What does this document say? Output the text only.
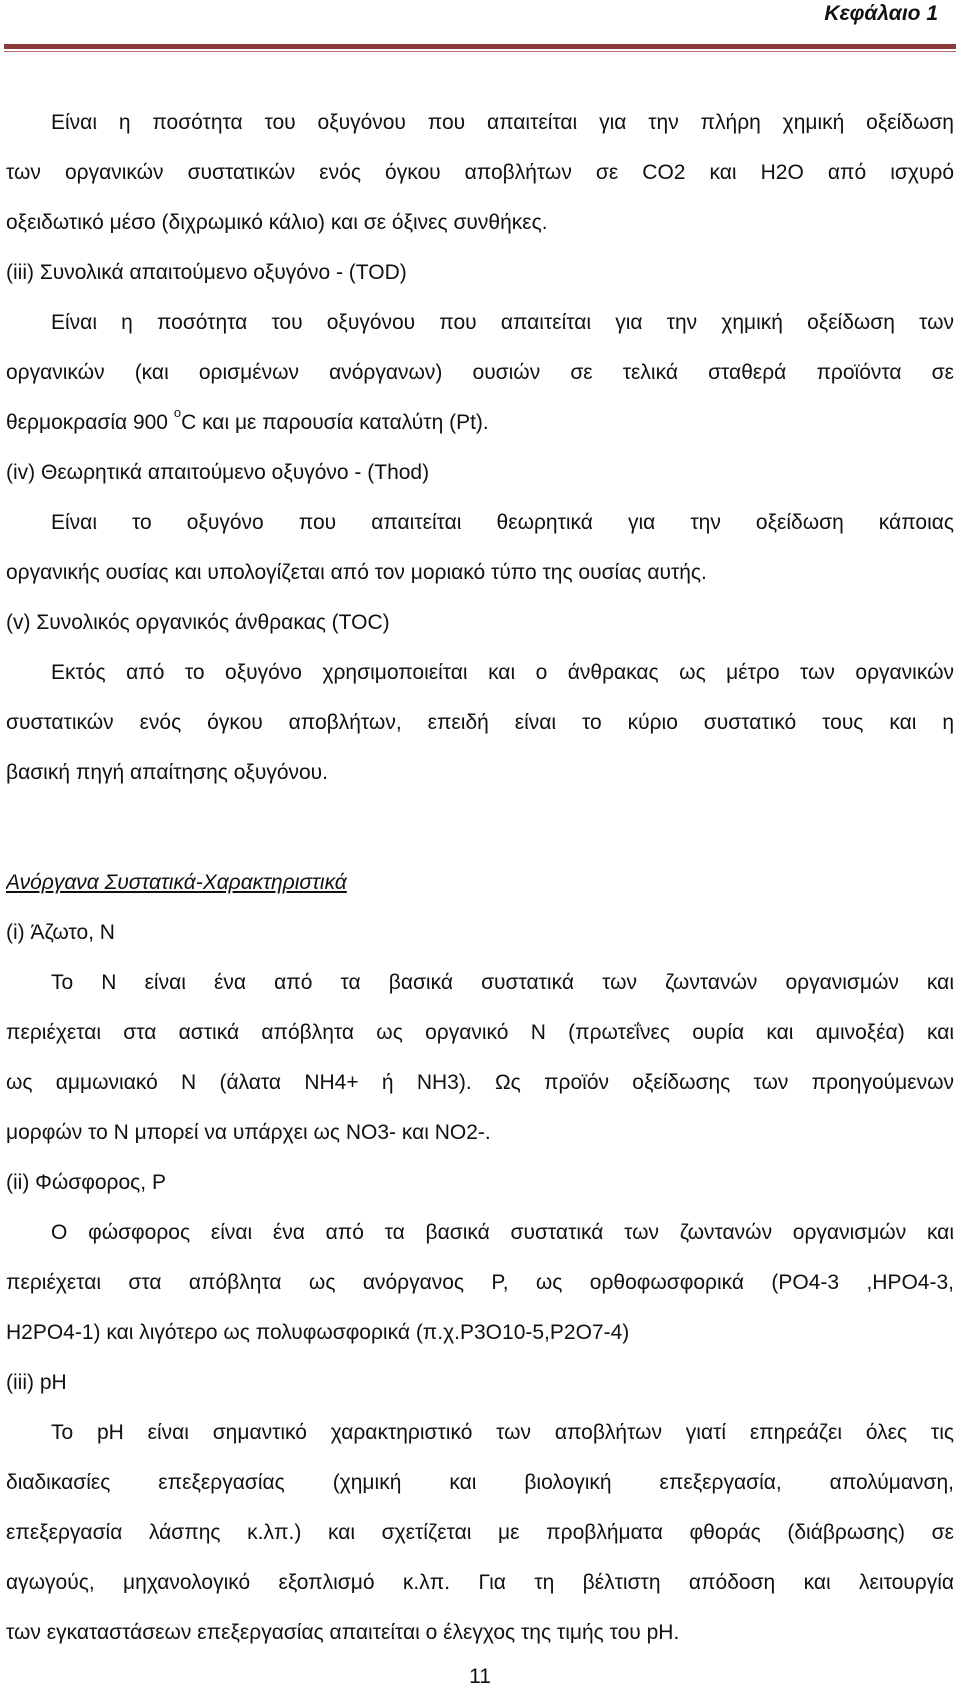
Κεφάλαιο 1
Είναι η ποσότητα του οξυγόνου που απαιτείται για την πλήρη χημική οξείδωση
των οργανικών συστατικών ενός όγκου αποβλήτων σε CO2 και H2O από ισχυρό
οξειδωτικό μέσο (διχρωμικό κάλιο) και σε όξινες συνθήκες.
(iii) Συνολικά απαιτούμενο οξυγόνο - (TOD)
Είναι η ποσότητα του οξυγόνου που απαιτείται για την χημική οξείδωση των
οργανικών (και ορισμένων ανόργανων) ουσιών σε τελικά σταθερά προϊόντα σε
θερμοκρασία 900 $^o$C και με παρουσία καταλύτη (Pt).
(iv) Θεωρητικά απαιτούμενο οξυγόνο - (Thod)
Είναι το οξυγόνο που απαιτείται θεωρητικά για την οξείδωση κάποιας
οργανικής ουσίας και υπολογίζεται από τον μοριακό τύπο της ουσίας αυτής.
(v) Συνολικός οργανικός άνθρακας (TOC)
Εκτός από το οξυγόνο χρησιμοποιείται και ο άνθρακας ως μέτρο των οργανικών
συστατικών ενός όγκου αποβλήτων, επειδή είναι το κύριο συστατικό τους και η
βασική πηγή απαίτησης οξυγόνου.
Ανόργανα Συστατικά-Χαρακτηριστικά
(i) Άζωτο, N
Το N είναι ένα από τα βασικά συστατικά των ζωντανών οργανισμών και
περιέχεται στα αστικά απόβλητα ως οργανικό N (πρωτεΐνες ουρία και αμινοξέα) και
ως αμμωνιακό N (άλατα NH4+ ή NH3). Ως προϊόν οξείδωσης των προηγούμενων
μορφών το N μπορεί να υπάρχει ως NO3- και NO2-.
(ii) Φώσφορος, P
Ο φώσφορος είναι ένα από τα βασικά συστατικά των ζωντανών οργανισμών και
περιέχεται στα απόβλητα ως ανόργανος P, ως ορθοφωσφορικά (PO4-3 ,HPO4-3,
H2PO4-1) και λιγότερο ως πολυφωσφορικά (π.χ.P3O10-5,P2O7-4)
(iii) pH
Το pH είναι σημαντικό χαρακτηριστικό των αποβλήτων γιατί επηρεάζει όλες τις
διαδικασίες επεξεργασίας (χημική και βιολογική επεξεργασία, απολύμανση,
επεξεργασία λάσπης κ.λπ.) και σχετίζεται με προβλήματα φθοράς (διάβρωσης) σε
αγωγούς, μηχανολογικό εξοπλισμό κ.λπ. Για τη βέλτιστη απόδοση και λειτουργία
των εγκαταστάσεων επεξεργασίας απαιτείται ο έλεγχος της τιμής του pH.
11
